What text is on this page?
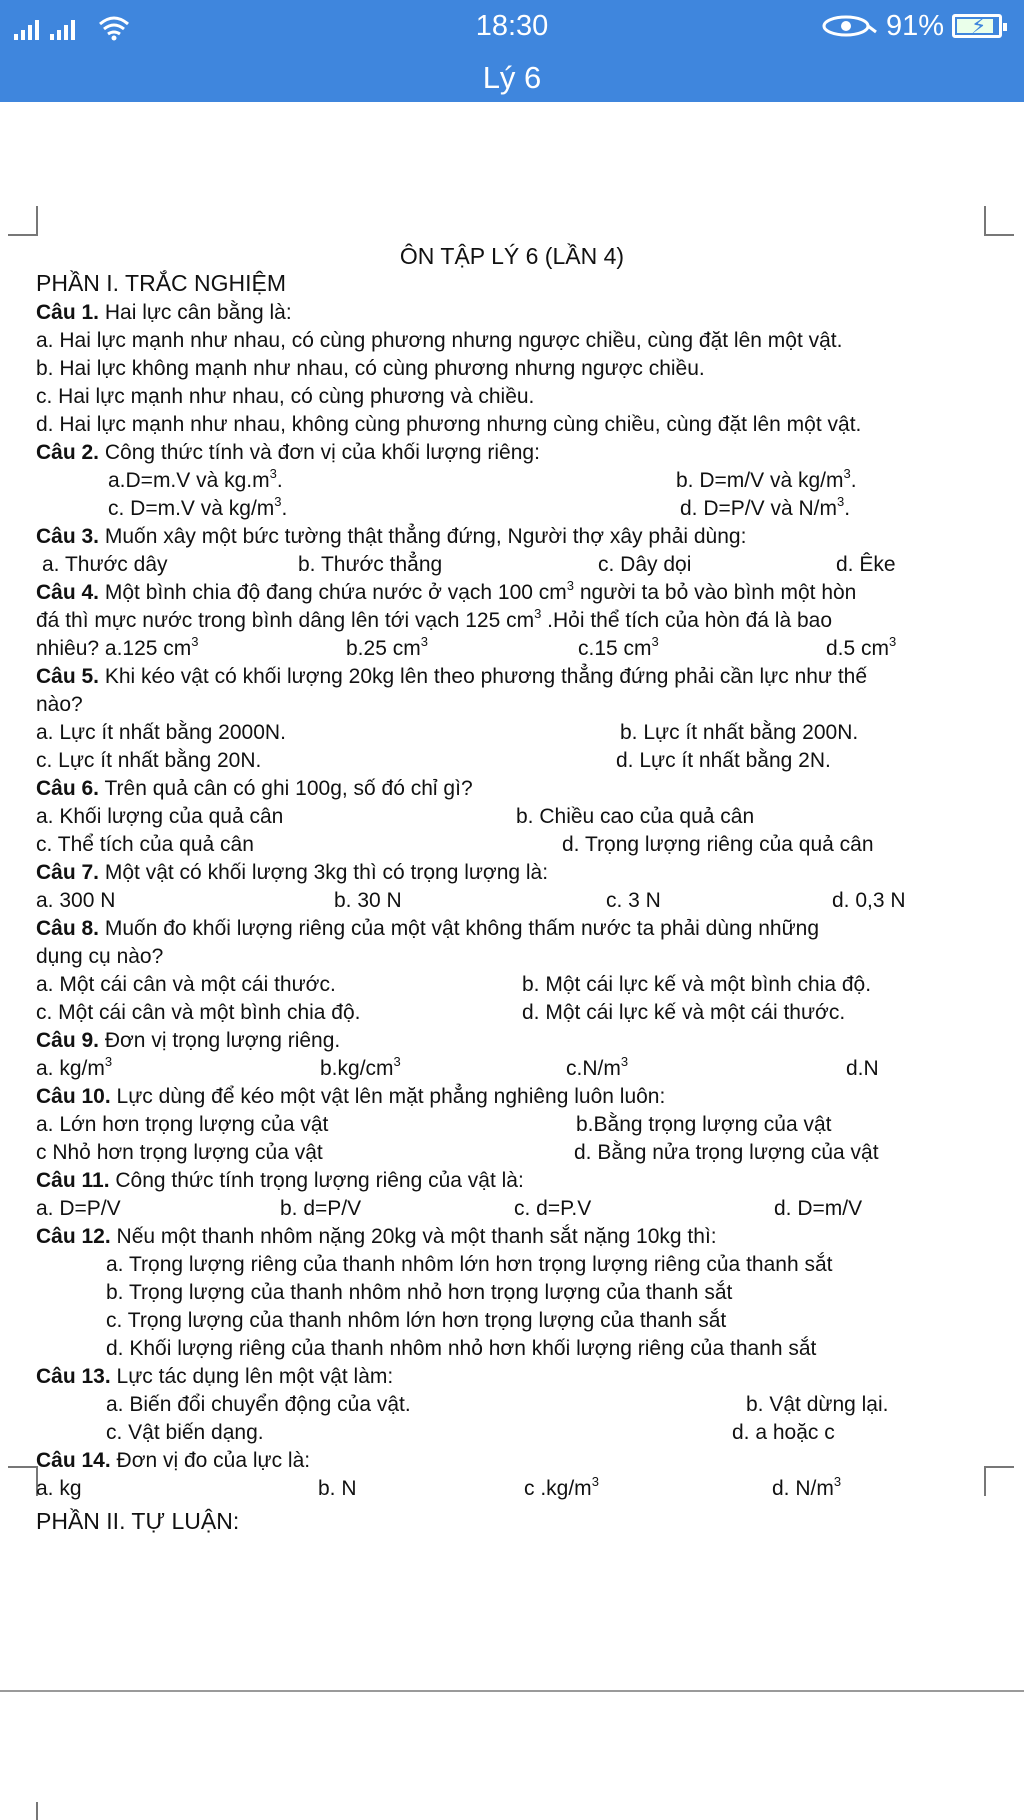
18:30	91% ⚡
Lý 6
ÔN TẬP LÝ 6 (LẦN 4)
PHẦN I. TRẮC NGHIỆM
Câu 1. Hai lực cân bằng là:
a. Hai lực mạnh như nhau, có cùng phương nhưng ngược chiều, cùng đặt lên một vật.
b. Hai lực không mạnh như nhau, có cùng phương nhưng ngược chiều.
c. Hai lực mạnh như nhau, có cùng phương và chiều.
d. Hai lực mạnh như nhau, không cùng phương nhưng cùng chiều, cùng đặt lên một vật.
Câu 2. Công thức tính và đơn vị của khối lượng riêng:
a.D=m.V và $kg.m^3$.	b. D=m/V và $kg/m^3$.
c. D=m.V và $kg/m^3$.	d. D=P/V và $N/m^3$.
Câu 3. Muốn xây một bức tường thật thẳng đứng, Người thợ xây phải dùng:
a. Thước dây	b. Thước thẳng	c. Dây dọi	d. Êke
Câu 4. Một bình chia độ đang chứa nước ở vạch 100 $cm^3$ người ta bỏ vào bình một hòn
đá thì mực nước trong bình dâng lên tới vạch 125 $cm^3$ .Hỏi thể tích của hòn đá là bao
nhiêu? a.125 $cm^3$	b.25 $cm^3$	c.15 $cm^3$	d.5 $cm^3$
Câu 5. Khi kéo vật có khối lượng 20kg lên theo phương thẳng đứng phải cần lực như thế
nào?
a. Lực ít nhất bằng 2000N.	b. Lực ít nhất bằng 200N.
c. Lực ít nhất bằng 20N.	d. Lực ít nhất bằng 2N.
Câu 6. Trên quả cân có ghi 100g, số đó chỉ gì?
a. Khối lượng của quả cân	b. Chiều cao của quả cân
c. Thể tích của quả cân	d. Trọng lượng riêng của quả cân
Câu 7. Một vật có khối lượng 3kg thì có trọng lượng là:
a. 300 N	b. 30 N	c. 3 N	d. 0,3 N
Câu 8. Muốn đo khối lượng riêng của một vật không thấm nước ta phải dùng những
dụng cụ nào?
a. Một cái cân và một cái thước.	b. Một cái lực kế và một bình chia độ.
c. Một cái cân và một bình chia độ.	d. Một cái lực kế và một cái thước.
Câu 9. Đơn vị trọng lượng riêng.
a. $kg/m^3$	$b.kg/cm^3$	$c.N/m^3$	d.N
Câu 10. Lực dùng để kéo một vật lên mặt phẳng nghiêng luôn luôn:
a. Lớn hơn trọng lượng của vật	b.Bằng trọng lượng của vật
c Nhỏ hơn trọng lượng của vật	d. Bằng nửa trọng lượng của vật
Câu 11. Công thức tính trọng lượng riêng của vật là:
a. D=P/V	b. d=P/V	c. d=P.V	d. D=m/V
Câu 12. Nếu một thanh nhôm nặng 20kg và một thanh sắt nặng 10kg thì:
a. Trọng lượng riêng của thanh nhôm lớn hơn trọng lượng riêng của thanh sắt
b. Trọng lượng của thanh nhôm nhỏ hơn trọng lượng của thanh sắt
c. Trọng lượng của thanh nhôm lớn hơn trọng lượng của thanh sắt
d. Khối lượng riêng của thanh nhôm nhỏ hơn khối lượng riêng của thanh sắt
Câu 13. Lực tác dụng lên một vật làm:
a. Biến đổi chuyển động của vật.	b. Vật dừng lại.
c. Vật biến dạng.	d. a hoặc c
Câu 14. Đơn vị đo của lực là:
a. kg	b. N	c $.kg/m^3$	d. $N/m^3$
PHẦN II. TỰ LUẬN:
